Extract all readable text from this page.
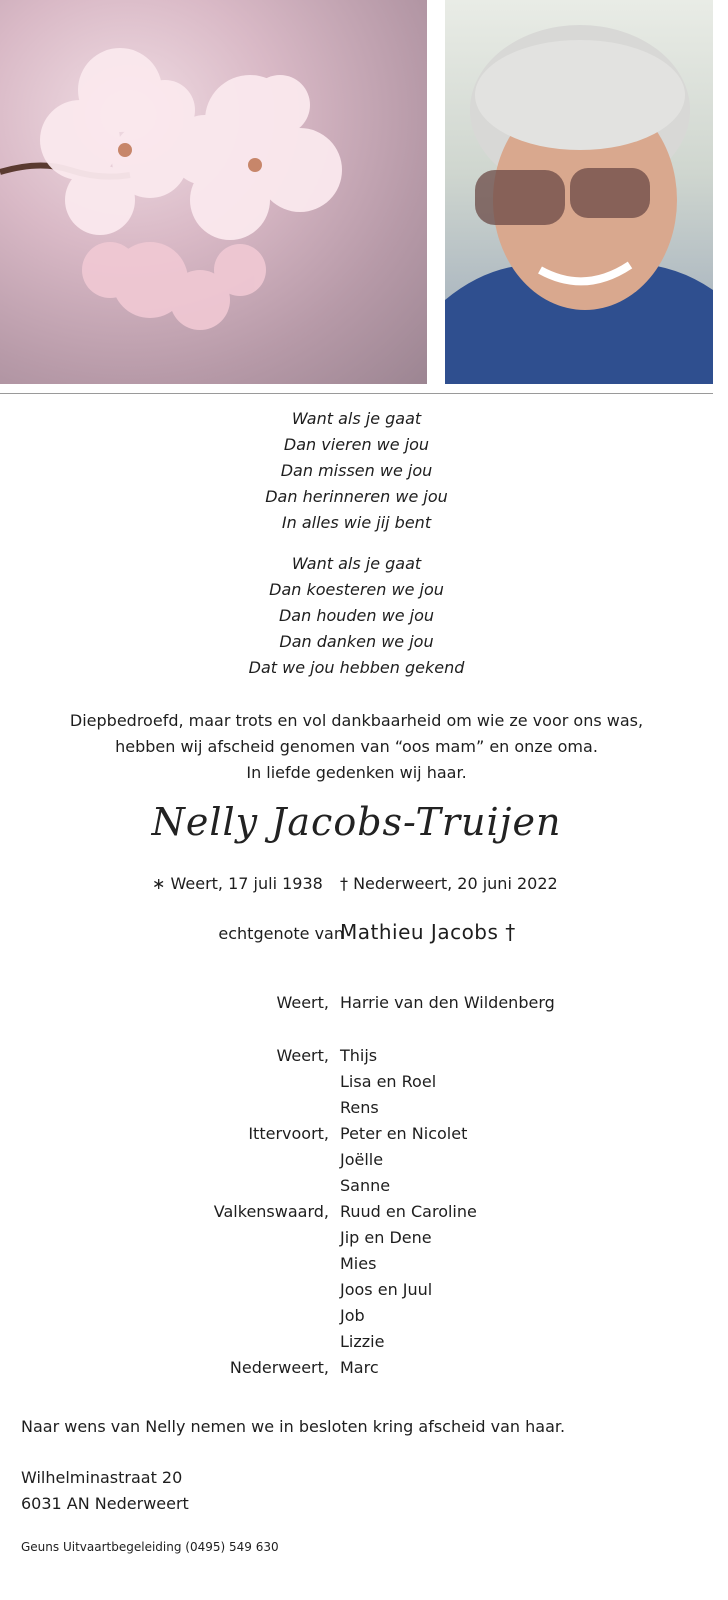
Want als je gaat
Dan vieren we jou
Dan missen we jou
Dan herinneren we jou
In alles wie jij bent
Want als je gaat
Dan koesteren we jou
Dan houden we jou
Dan danken we jou
Dat we jou hebben gekend
Diepbedroefd, maar trots en vol dankbaarheid om wie ze voor ons was,
hebben wij afscheid genomen van “oos mam” en onze oma.
In liefde gedenken wij haar.
Nelly Jacobs-Truijen
∗ Weert, 17 juli 1938 † Nederweert, 20 juni 2022
echtgenote van
Mathieu Jacobs †
Weert, Harrie van den Wildenberg
Weert, Thijs
Lisa en Roel
Rens
Ittervoort, Peter en Nicolet
Joëlle
Sanne
Valkenswaard, Ruud en Caroline
Jip en Dene
Mies
Joos en Juul
Job
Lizzie
Nederweert, Marc
Naar wens van Nelly nemen we in besloten kring afscheid van haar.
Wilhelminastraat 20
6031 AN Nederweert
Geuns Uitvaartbegeleiding (0495) 549 630
